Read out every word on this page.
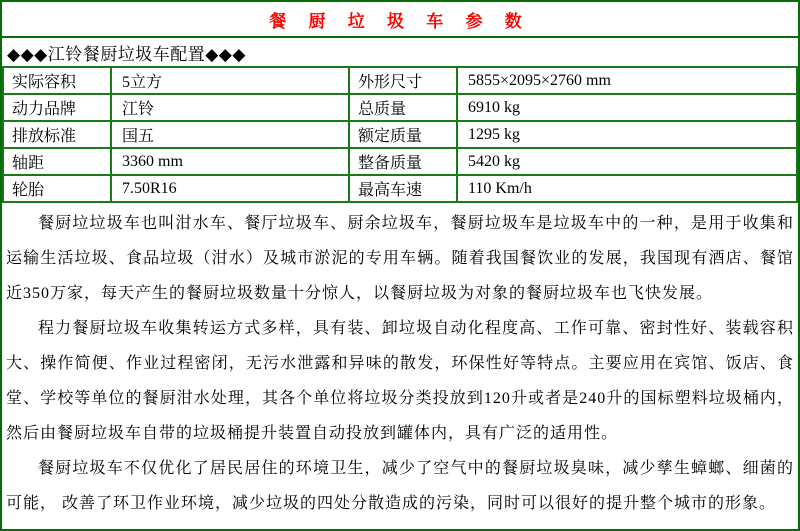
餐 厨 垃 圾 车 参 数
◆◆◆江铃餐厨垃圾车配置◆◆◆
实际容积	5立方	外形尺寸	5855×2095×2760 mm
动力品牌	江铃	总质量	6910 kg
排放标准	国五	额定质量	1295 kg
轴距	3360 mm	整备质量	5420 kg
轮胎	7.50R16	最高车速	110 Km/h

餐厨垃垃圾车也叫泔水车、餐厅垃圾车、厨余垃圾车，餐厨垃圾车是垃圾车中的一种，是用于收集和运输生活垃圾、食品垃圾（泔水）及城市淤泥的专用车辆。随着我国餐饮业的发展，我国现有酒店、餐馆近350万家，每天产生的餐厨垃圾数量十分惊人，以餐厨垃圾为对象的餐厨垃圾车也飞快发展。

程力餐厨垃圾车收集转运方式多样，具有装、卸垃圾自动化程度高、工作可靠、密封性好、装载容积大、操作简便、作业过程密闭，无污水泄露和异味的散发，环保性好等特点。主要应用在宾馆、饭店、食堂、学校等单位的餐厨泔水处理，其各个单位将垃圾分类投放到120升或者是240升的国标塑料垃圾桶内，然后由餐厨垃圾车自带的垃圾桶提升装置自动投放到罐体内，具有广泛的适用性。

餐厨垃圾车不仅优化了居民居住的环境卫生，减少了空气中的餐厨垃圾臭味，减少孳生蟑螂、细菌的可能， 改善了环卫作业环境，减少垃圾的四处分散造成的污染，同时可以很好的提升整个城市的形象。
